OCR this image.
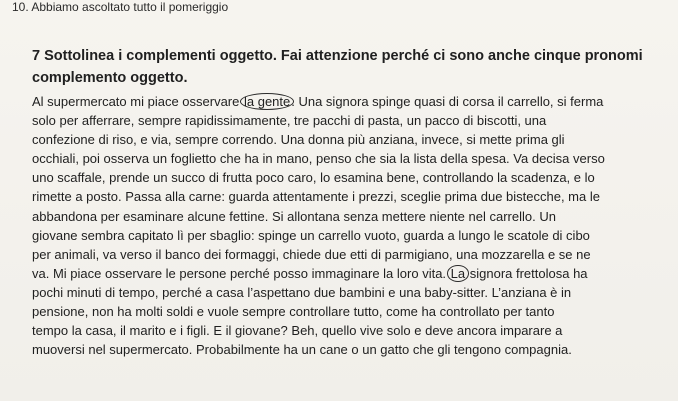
10. Abbiamo ascoltato tutto il pomeriggio
7 Sottolinea i complementi oggetto. Fai attenzione perché ci sono anche cinque pronomi
complemento oggetto.
Al supermercato mi piace osservare la gente. Una signora spinge quasi di corsa il carrello, si ferma
solo per afferrare, sempre rapidissimamente, tre pacchi di pasta, un pacco di biscotti, una
confezione di riso, e via, sempre correndo. Una donna più anziana, invece, si mette prima gli
occhiali, poi osserva un foglietto che ha in mano, penso che sia la lista della spesa. Va decisa verso
uno scaffale, prende un succo di frutta poco caro, lo esamina bene, controllando la scadenza, e lo
rimette a posto. Passa alla carne: guarda attentamente i prezzi, sceglie prima due bistecche, ma le
abbandona per esaminare alcune fettine. Si allontana senza mettere niente nel carrello. Un
giovane sembra capitato lì per sbaglio: spinge un carrello vuoto, guarda a lungo le scatole di cibo
per animali, va verso il banco dei formaggi, chiede due etti di parmigiano, una mozzarella e se ne
va. Mi piace osservare le persone perché posso immaginare la loro vita. La signora frettolosa ha
pochi minuti di tempo, perché a casa l’aspettano due bambini e una baby-sitter. L’anziana è in
pensione, non ha molti soldi e vuole sempre controllare tutto, come ha controllato per tanto
tempo la casa, il marito e i figli. E il giovane? Beh, quello vive solo e deve ancora imparare a
muoversi nel supermercato. Probabilmente ha un cane o un gatto che gli tengono compagnia.
